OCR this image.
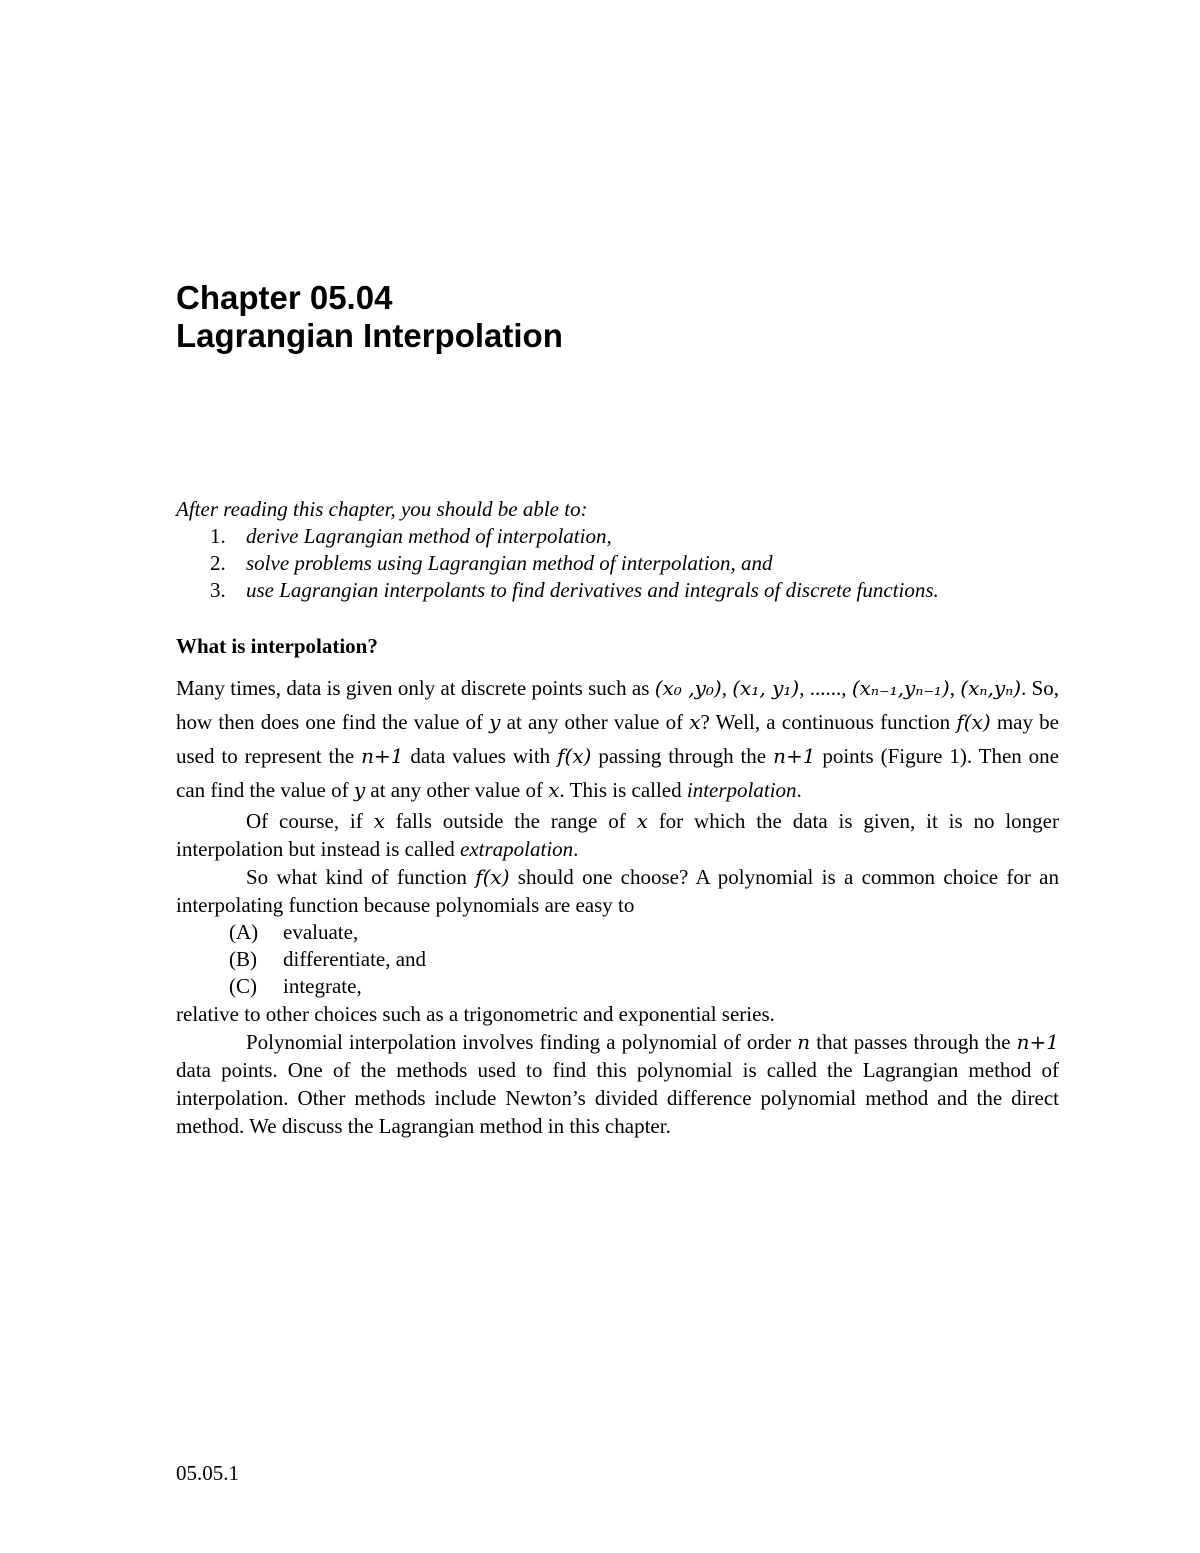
Chapter 05.04
Lagrangian Interpolation

After reading this chapter, you should be able to:

1. derive Lagrangian method of interpolation,
2. solve problems using Lagrangian method of interpolation, and
3. use Lagrangian interpolants to find derivatives and integrals of discrete functions.
What is interpolation?

Many times, data is given only at discrete points such as (x₀ ,y₀), (x₁, y₁), ......, (xₙ₋₁,yₙ₋₁), (xₙ,yₙ). So, how then does one find the value of y at any other value of x? Well, a continuous function f(x) may be used to represent the n+1 data values with f(x) passing through the n+1 points (Figure 1). Then one can find the value of y at any other value of x. This is called interpolation.

Of course, if x falls outside the range of x for which the data is given, it is no longer interpolation but instead is called extrapolation.

So what kind of function f(x) should one choose? A polynomial is a common choice for an interpolating function because polynomials are easy to

(A) evaluate,
(B) differentiate, and
(C) integrate,

relative to other choices such as a trigonometric and exponential series.

Polynomial interpolation involves finding a polynomial of order n that passes through the n+1 data points. One of the methods used to find this polynomial is called the Lagrangian method of interpolation. Other methods include Newton’s divided difference polynomial method and the direct method. We discuss the Lagrangian method in this chapter.

05.05.1
